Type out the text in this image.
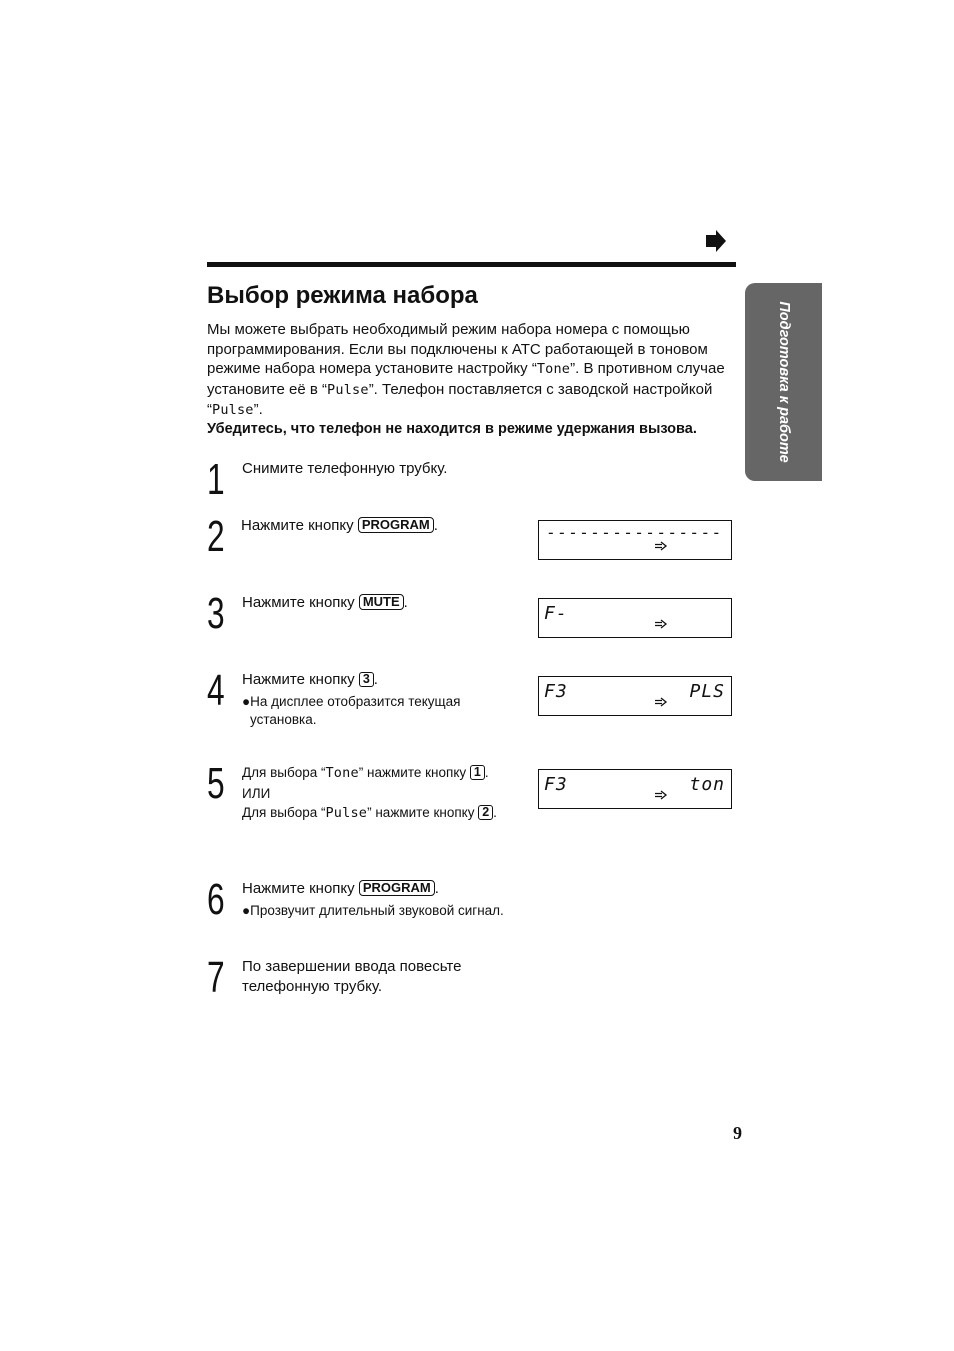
Выбор режима набора

Мы можете выбрать необходимый режим набора номера с помощью программирования. Если вы подключены к АТС работающей в тоновом режиме набора номера установите настройку “Tone”. В противном случае установите её в “Pulse”. Телефон поставляется с заводской настройкой “Pulse”.

Убедитесь, что телефон не находится в режиме удержания вызова.	Подготовка к работе
1 Снимите телефонную трубку.
2 Нажмите кнопку PROGRAM .
3 Нажмите кнопку MUTE .
4 Нажмите кнопку 3 .
●На дисплее отобразится текущая установка.
5 Для выбора “Tone” нажмите кнопку 1 .
ИЛИ
Для выбора “Pulse” нажмите кнопку 2 .
6 Нажмите кнопку PROGRAM .
●Прозвучит длительный звуковой сигнал.
7 По завершении ввода повесьте телефонную трубку.
----------------
F-
F3	PLS
F3	ton
9
